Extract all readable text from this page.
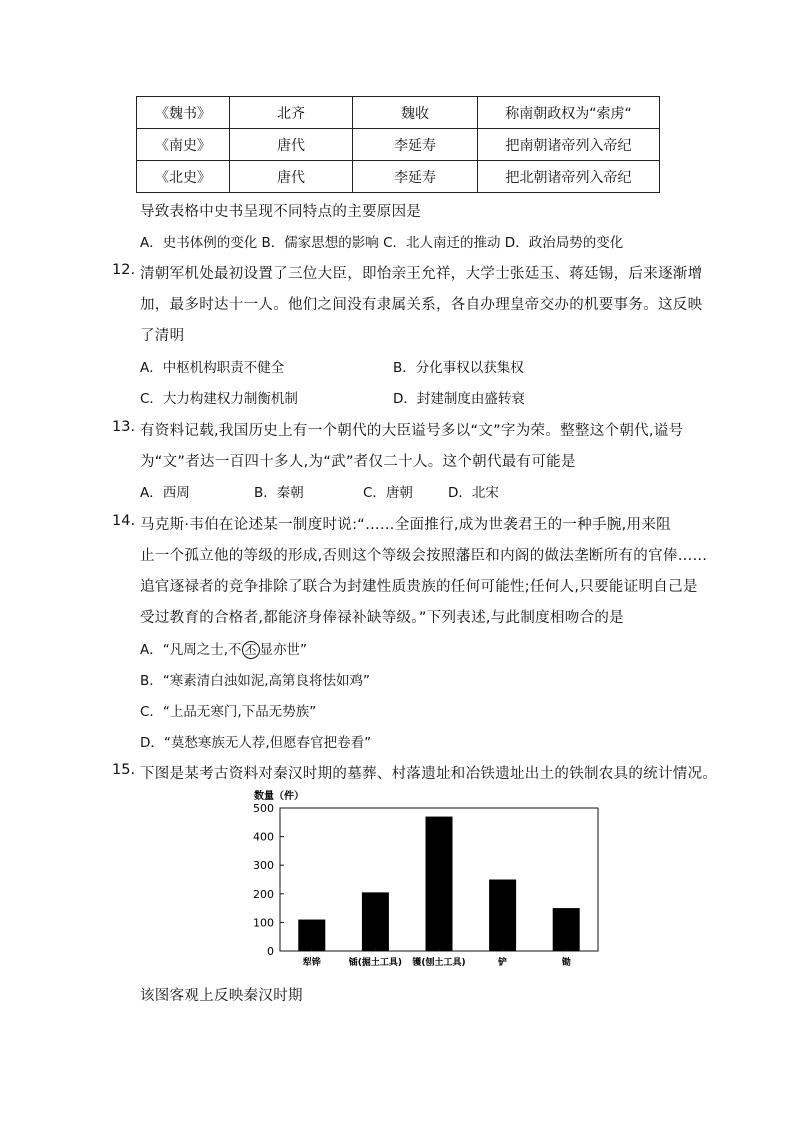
《魏书》	北齐	魏收	称南朝政权为“索虏“
《南史》	唐代	李延寿	把南朝诸帝列入帝纪
《北史》	唐代	李延寿	把北朝诸帝列入帝纪
导致表格中史书呈现不同特点的主要原因是
A．史书体例的变化 B．儒家思想的影响 C．北人南迁的推动 D．政治局势的变化
12. 清朝军机处最初设置了三位大臣，即怡亲王允祥，大学士张廷玉、蒋廷锡，后来逐渐增
加，最多时达十一人。他们之间没有隶属关系，各自办理皇帝交办的机要事务。这反映
了清明
A．中枢机构职责不健全	B．分化事权以获集权
C．大力构建权力制衡机制	D．封建制度由盛转衰
13. 有资料记载,我国历史上有一个朝代的大臣谥号多以“文”字为荣。整整这个朝代,谥号
为“文”者达一百四十多人,为“武”者仅二十人。这个朝代最有可能是
A．西周	B．秦朝	C．唐朝	D．北宋
14. 马克斯·韦伯在论述某一制度时说:“……全面推行,成为世袭君王的一种手腕,用来阻
止一个孤立他的等级的形成,否则这个等级会按照藩臣和内阁的做法垄断所有的官俸……
追官逐禄者的竞争排除了联合为封建性质贵族的任何可能性;任何人,只要能证明自己是
受过教育的合格者,都能济身俸禄补缺等级。”下列表述,与此制度相吻合的是
A．“凡周之士,不 丕 显亦世”
B．“寒素清白浊如泥,高第良将怯如鸡”
C．“上品无寒门,下品无势族”
D．“莫愁寒族无人荐,但愿春官把卷看”
15. 下图是某考古资料对秦汉时期的墓葬、村落遗址和冶铁遗址出土的铁制农具的统计情况。
数量（件）
0
100
200
300
400
500
犁铧	锸(掘土工具) 镬(刨土工具)	铲	锄
该图客观上反映秦汉时期
